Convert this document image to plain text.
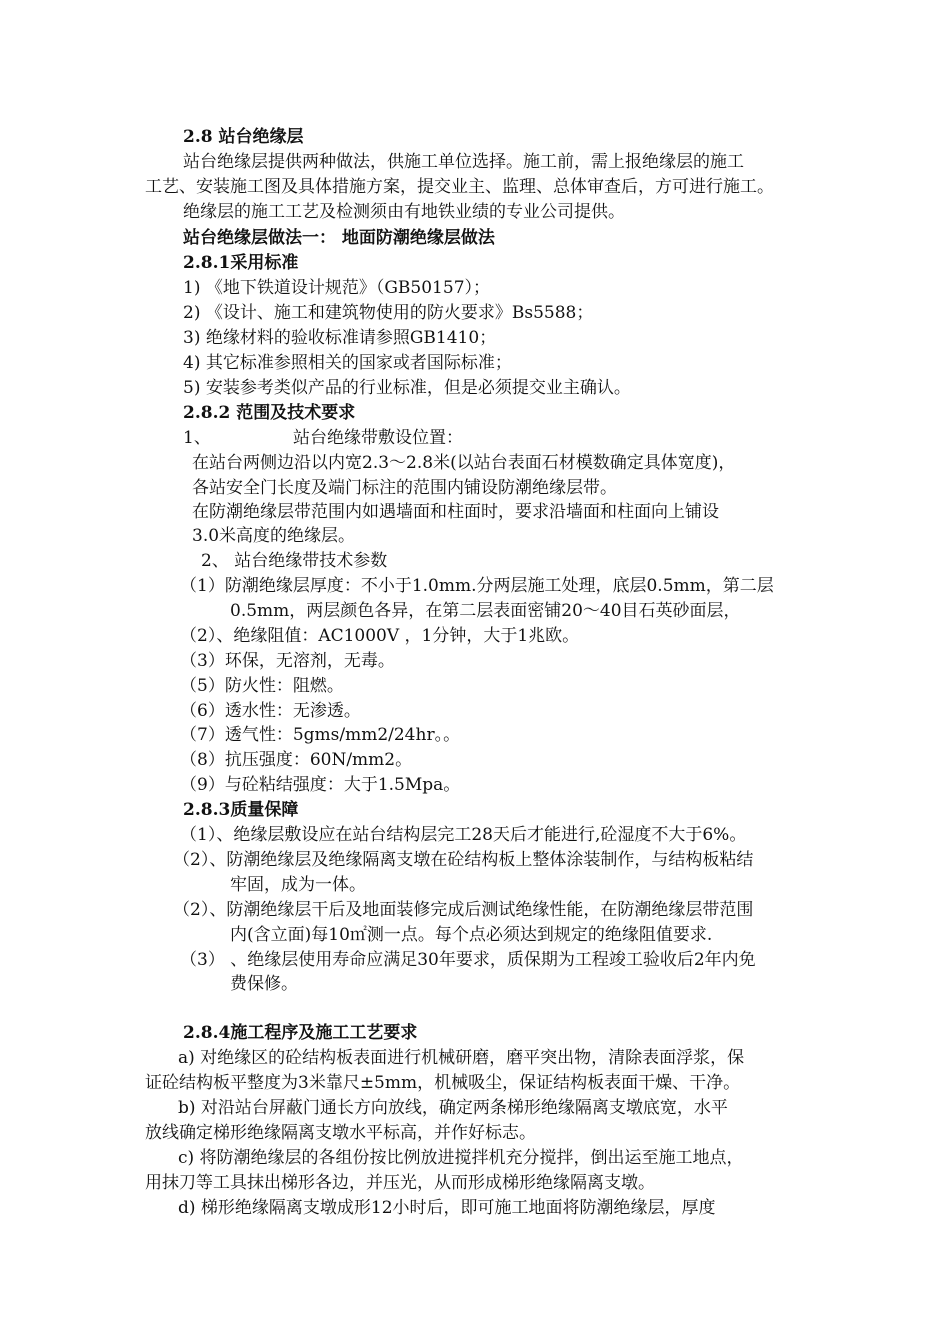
2.8 站台绝缘层
站台绝缘层提供两种做法，供施工单位选择。施工前，需上报绝缘层的施工
工艺、安装施工图及具体措施方案，提交业主、监理、总体审查后，方可进行施工。
绝缘层的施工工艺及检测须由有地铁业绩的专业公司提供。
站台绝缘层做法一： 地面防潮绝缘层做法
2.8.1采用标准
1) 《地下铁道设计规范》（GB50157）；
2) 《设计、施工和建筑物使用的防火要求》Bs5588；
3) 绝缘材料的验收标准请参照GB1410；
4) 其它标准参照相关的国家或者国际标准；
5) 安装参考类似产品的行业标准，但是必须提交业主确认。
2.8.2 范围及技术要求
1、	站台绝缘带敷设位置：
在站台两侧边沿以内宽2.3～2.8米(以站台表面石材模数确定具体宽度)，
各站安全门长度及端门标注的范围内铺设防潮绝缘层带。
在防潮绝缘层带范围内如遇墙面和柱面时，要求沿墙面和柱面向上铺设
3.0米高度的绝缘层。
2、 站台绝缘带技术参数
（1）防潮绝缘层厚度：不小于1.0mm.分两层施工处理，底层0.5mm，第二层
0.5mm，两层颜色各异，在第二层表面密铺20～40目石英砂面层，
（2）、绝缘阻值：AC1000V ，1分钟，大于1兆欧。
（3）环保，无溶剂，无毒。
（5）防火性：阻燃。
（6）透水性：无渗透。
（7）透气性：5gms/mm2/24hr。。
（8）抗压强度：60N/mm2。
（9）与砼粘结强度：大于1.5Mpa。
2.8.3质量保障
（1）、绝缘层敷设应在站台结构层完工28天后才能进行,砼湿度不大于6%。
（2）、防潮绝缘层及绝缘隔离支墩在砼结构板上整体涂装制作，与结构板粘结
牢固，成为一体。
（2）、防潮绝缘层干后及地面装修完成后测试绝缘性能，在防潮绝缘层带范围
内(含立面)每10㎡测一点。每个点必须达到规定的绝缘阻值要求.
（3） 、绝缘层使用寿命应满足30年要求，质保期为工程竣工验收后2年内免
费保修。
2.8.4施工程序及施工工艺要求
a) 对绝缘区的砼结构板表面进行机械研磨，磨平突出物，清除表面浮浆，保
证砼结构板平整度为3米靠尺±5mm，机械吸尘，保证结构板表面干燥、干净。
b) 对沿站台屏蔽门通长方向放线，确定两条梯形绝缘隔离支墩底宽，水平
放线确定梯形绝缘隔离支墩水平标高，并作好标志。
c) 将防潮绝缘层的各组份按比例放进搅拌机充分搅拌，倒出运至施工地点，
用抹刀等工具抹出梯形各边，并压光，从而形成梯形绝缘隔离支墩。
d) 梯形绝缘隔离支墩成形12小时后，即可施工地面将防潮绝缘层，厚度
